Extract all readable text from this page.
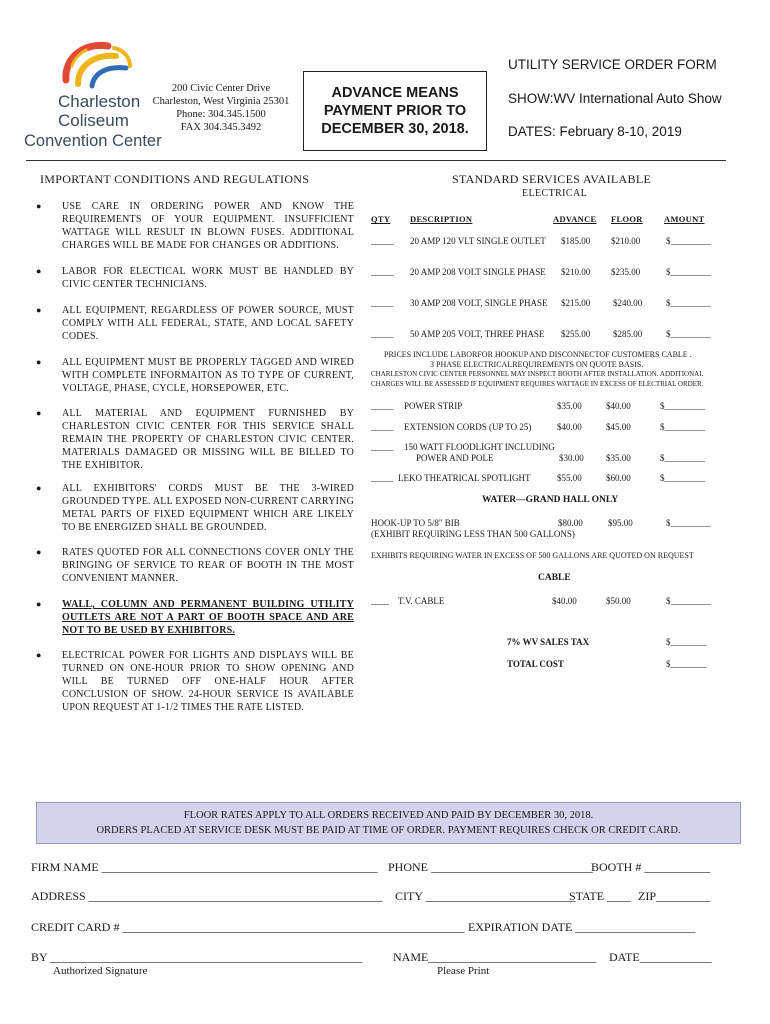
Charleston
Coliseum
Convention Center
200 Civic Center Drive
Charleston, West Virginia 25301
Phone: 304.345.1500
FAX 304.345.3492
ADVANCE MEANS
PAYMENT PRIOR TO
DECEMBER 30, 2018.
UTILITY SERVICE ORDER FORM
SHOW:WV International Auto Show
DATES: February 8-10, 2019
IMPORTANT CONDITIONS AND REGULATIONS
● USE CARE IN ORDERING POWER AND KNOW THE REQUIREMENTS OF YOUR EQUIPMENT. INSUFFICIENT WATTAGE WILL RESULT IN BLOWN FUSES. ADDITIONAL CHARGES WILL BE MADE FOR CHANGES OR ADDITIONS.
● LABOR FOR ELECTICAL WORK MUST BE HANDLED BY CIVIC CENTER TECHNICIANS.
● ALL EQUIPMENT, REGARDLESS OF POWER SOURCE, MUST COMPLY WITH ALL FEDERAL, STATE, AND LOCAL SAFETY CODES.
● ALL EQUIPMENT MUST BE PROPERLY TAGGED AND WIRED WITH COMPLETE INFORMAITON AS TO TYPE OF CURRENT, VOLTAGE, PHASE, CYCLE, HORSEPOWER, ETC.
● ALL MATERIAL AND EQUIPMENT FURNISHED BY CHARLESTON CIVIC CENTER FOR THIS SERVICE SHALL REMAIN THE PROPERTY OF CHARLESTON CIVIC CENTER. MATERIALS DAMAGED OR MISSING WILL BE BILLED TO THE EXHIBITOR.
● ALL EXHIBITORS' CORDS MUST BE THE 3-WIRED GROUNDED TYPE. ALL EXPOSED NON-CURRENT CARRYING METAL PARTS OF FIXED EQUIPMENT WHICH ARE LIKELY TO BE ENERGIZED SHALL BE GROUNDED.
● RATES QUOTED FOR ALL CONNECTIONS COVER ONLY THE BRINGING OF SERVICE TO REAR OF BOOTH IN THE MOST CONVENIENT MANNER.
● WALL, COLUMN AND PERMANENT BUILDING UTILITY OUTLETS ARE NOT A PART OF BOOTH SPACE AND ARE NOT TO BE USED BY EXHIBITORS.
● ELECTRICAL POWER FOR LIGHTS AND DISPLAYS WILL BE TURNED ON ONE-HOUR PRIOR TO SHOW OPENING AND WILL BE TURNED OFF ONE-HALF HOUR AFTER CONCLUSION OF SHOW. 24-HOUR SERVICE IS AVAILABLE UPON REQUEST AT 1-1/2 TIMES THE RATE LISTED.
STANDARD SERVICES AVAILABLE
ELECTRICAL
QTY DESCRIPTION	ADVANCE FLOOR	AMOUNT
_____ 20 AMP 120 VLT SINGLE OUTLET $185.00 $210.00	$_________
_____ 20 AMP 208 VOLT SINGLE PHASE $210.00 $235.00	$_________
_____ 30 AMP 208 VOLT, SINGLE PHASE $215.00	$240.00	$_________
_____ 50 AMP 205 VOLT, THREE PHASE $255.00	$285.00	$_________
PRICES INCLUDE LABORFOR HOOKUP AND DISCONNECTOF CUSTOMERS CABLE .
3 PHASE ELECTRICALREQUIREMENTS ON QUOTE BASIS.
CHARLESTON CIVIC CENTER PERSONNEL MAY INSPECT BOOTH AFTER INSTALLATION. ADDITIONAL
CHARGES WILL BE ASSESSED IF EQUIPMENT REQUIRES WATTAGE IN EXCESS OF ELECTRIAL ORDER.
_____ POWER STRIP	$35.00	$40.00	$_________
_____ EXTENSION CORDS (UP TO 25)	$40.00	$45.00	$_________
_____ 150 WATT FLOODLIGHT INCLUDING
POWER AND POLE	$30.00 $35.00	$_________
_____ LEKO THEATRICAL SPOTLIGHT	$55.00	$60.00	$_________
WATER—GRAND HALL ONLY
HOOK-UP TO 5/8" BIB
(EXHIBIT REQUIRING LESS THAN 500 GALLONS)
$80.00	$95.00	$_________
EXHIBITS REQUIRING WATER IN EXCESS OF 500 GALLONS ARE QUOTED ON REQUEST
CABLE
____ T.V. CABLE	$40.00	$50.00	$_________
7% WV SALES TAX	$________
TOTAL COST	$________
FLOOR RATES APPLY TO ALL ORDERS RECEIVED AND PAID BY DECEMBER 30, 2018.
ORDERS PLACED AT SERVICE DESK MUST BE PAID AT TIME OF ORDER. PAYMENT REQUIRES CHECK OR CREDIT CARD.
FIRM NAME ______________________________________________ PHONE ___________________________
BOOTH # ___________
ADDRESS _________________________________________________ CITY _________________________
STATE ____ ZIP_________
CREDIT CARD # _________________________________________________________ EXPIRATION DATE ____________________
BY ____________________________________________________	NAME____________________________ DATE____________
Authorized Signature	Please Print
